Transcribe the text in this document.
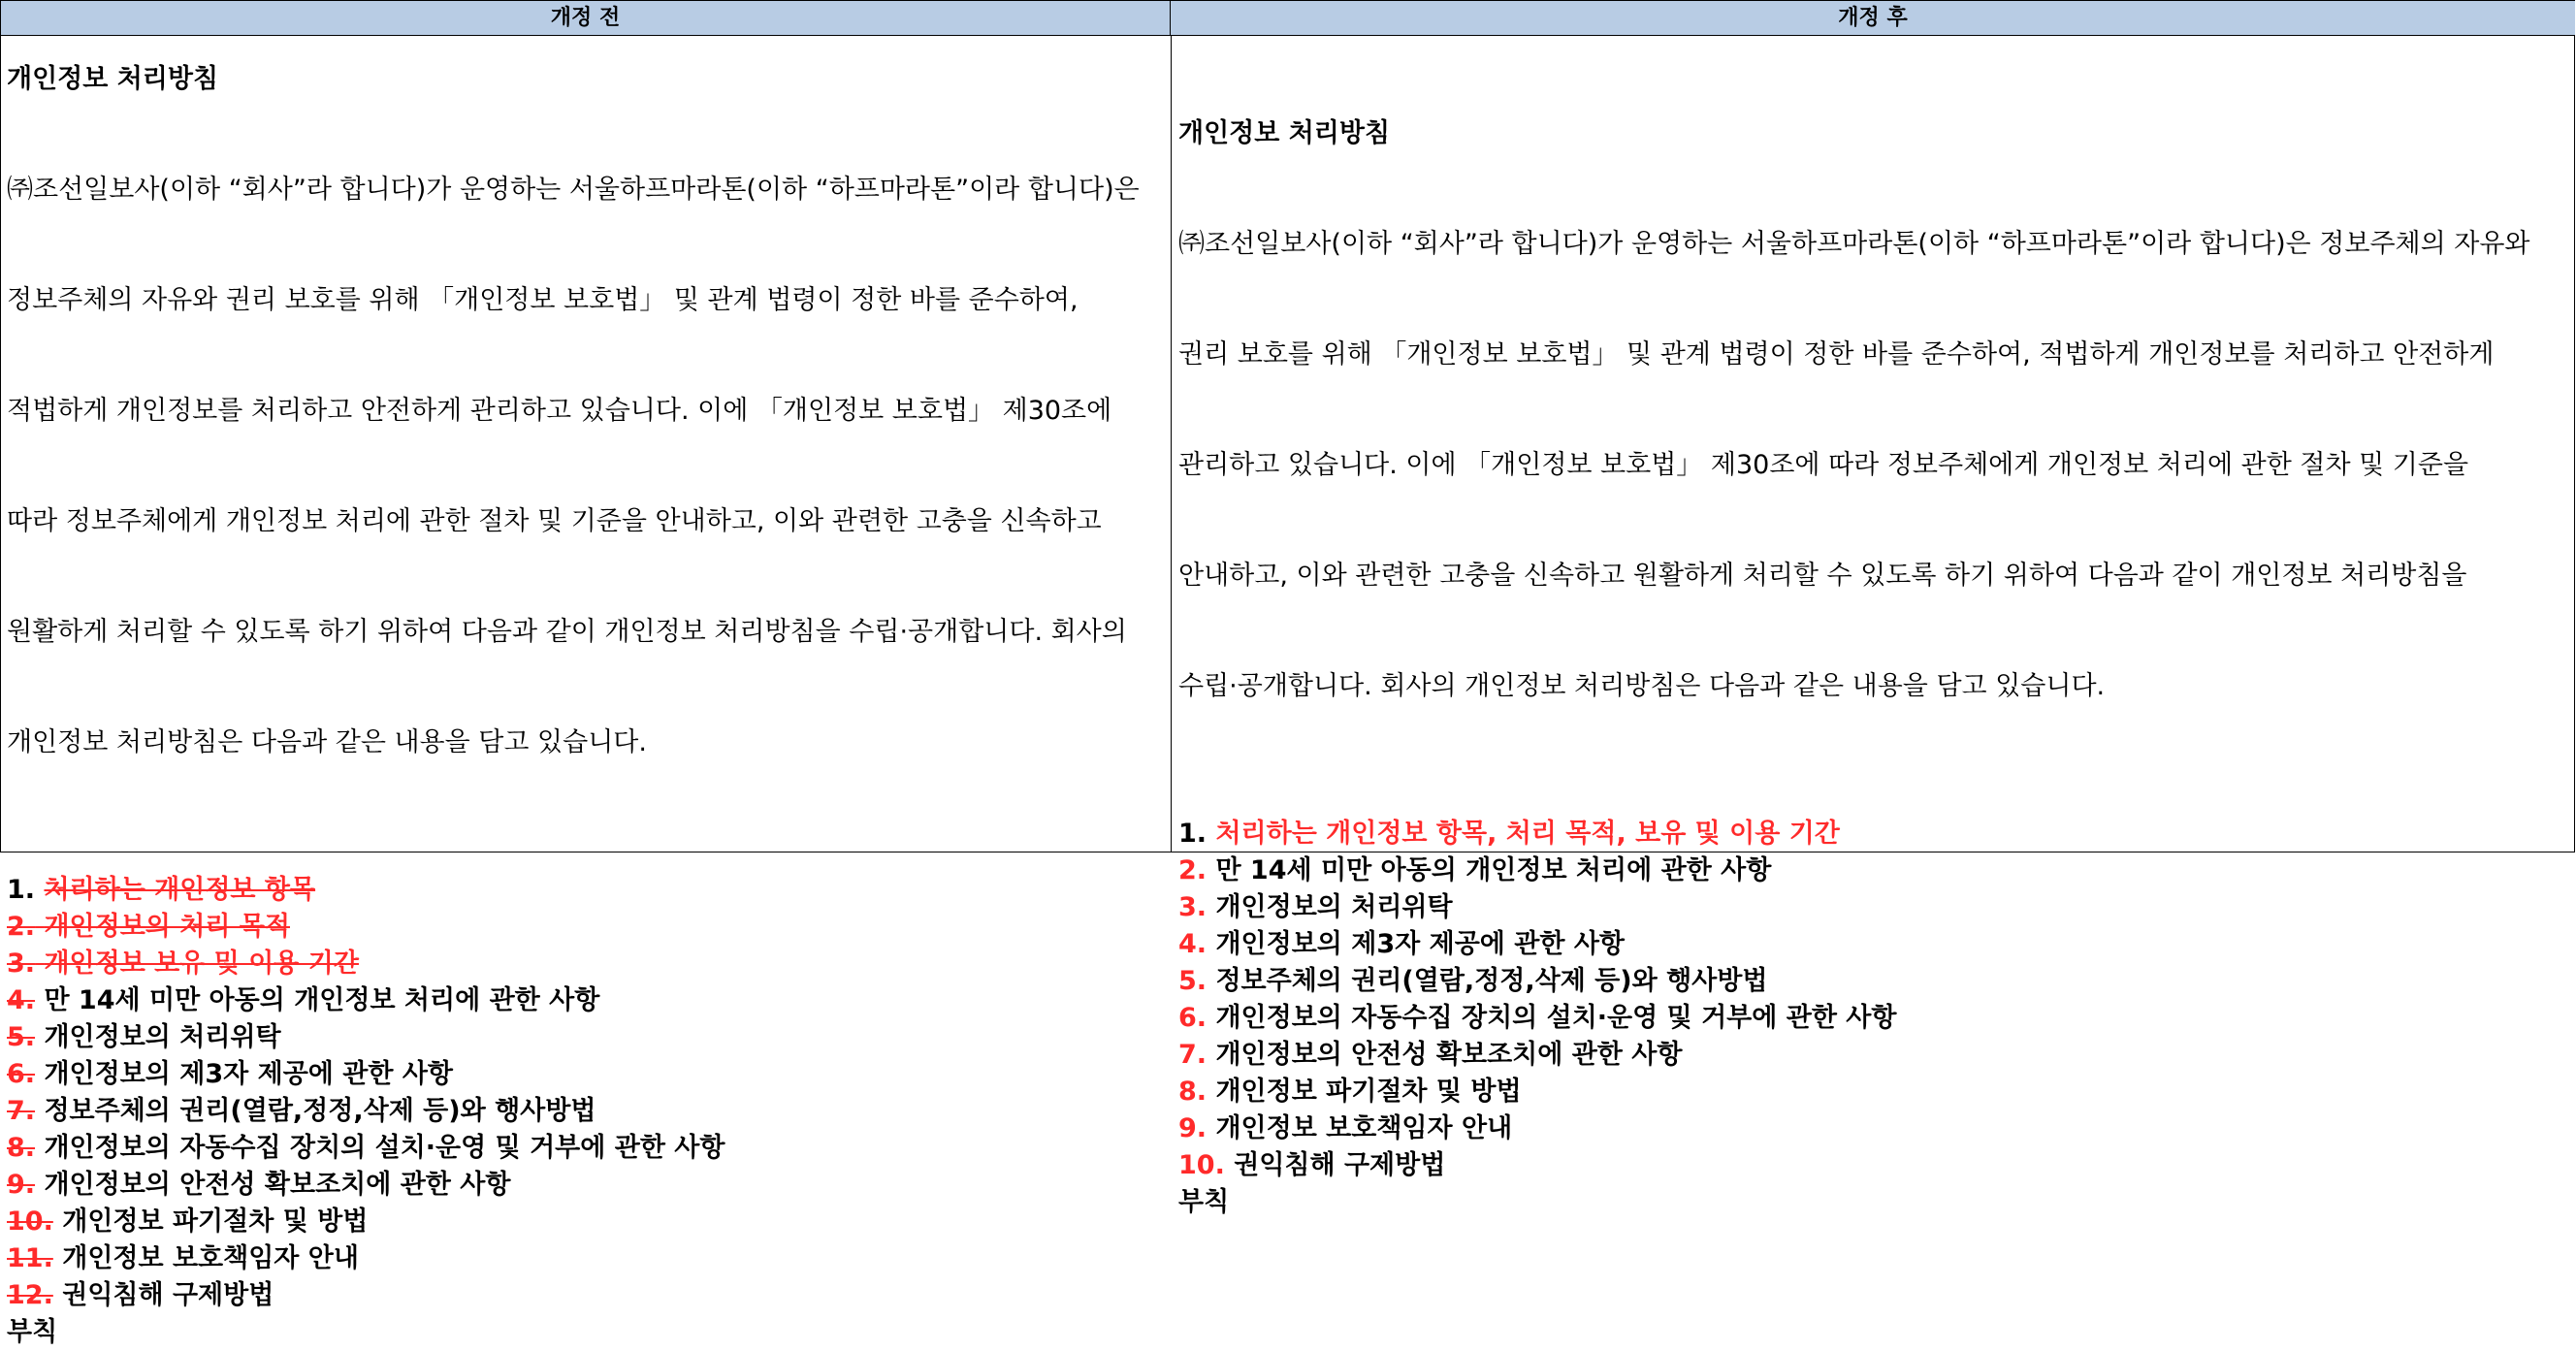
개정 전	개정 후
개인정보 처리방침

㈜조선일보사(이하 “회사”라 합니다)가 운영하는 서울하프마라톤(이하 “하프마라톤”이라 합니다)은

정보주체의 자유와 권리 보호를 위해 「개인정보 보호법」 및 관계 법령이 정한 바를 준수하여,

적법하게 개인정보를 처리하고 안전하게 관리하고 있습니다. 이에 「개인정보 보호법」 제30조에

따라 정보주체에게 개인정보 처리에 관한 절차 및 기준을 안내하고, 이와 관련한 고충을 신속하고

원활하게 처리할 수 있도록 하기 위하여 다음과 같이 개인정보 처리방침을 수립·공개합니다. 회사의

개인정보 처리방침은 다음과 같은 내용을 담고 있습니다.

1. 처리하는 개인정보 항목
2. 개인정보의 처리 목적
3. 개인정보 보유 및 이용 기간
4. 만 14세 미만 아동의 개인정보 처리에 관한 사항
5. 개인정보의 처리위탁
6. 개인정보의 제3자 제공에 관한 사항
7. 정보주체의 권리(열람,정정,삭제 등)와 행사방법
8. 개인정보의 자동수집 장치의 설치·운영 및 거부에 관한 사항
9. 개인정보의 안전성 확보조치에 관한 사항
10. 개인정보 파기절차 및 방법
11. 개인정보 보호책임자 안내
12. 권익침해 구제방법
부칙
개인정보 처리방침

㈜조선일보사(이하 “회사”라 합니다)가 운영하는 서울하프마라톤(이하 “하프마라톤”이라 합니다)은 정보주체의 자유와

권리 보호를 위해 「개인정보 보호법」 및 관계 법령이 정한 바를 준수하여, 적법하게 개인정보를 처리하고 안전하게

관리하고 있습니다. 이에 「개인정보 보호법」 제30조에 따라 정보주체에게 개인정보 처리에 관한 절차 및 기준을

안내하고, 이와 관련한 고충을 신속하고 원활하게 처리할 수 있도록 하기 위하여 다음과 같이 개인정보 처리방침을

수립·공개합니다. 회사의 개인정보 처리방침은 다음과 같은 내용을 담고 있습니다.

1. 처리하는 개인정보 항목, 처리 목적, 보유 및 이용 기간
2. 만 14세 미만 아동의 개인정보 처리에 관한 사항
3. 개인정보의 처리위탁
4. 개인정보의 제3자 제공에 관한 사항
5. 정보주체의 권리(열람,정정,삭제 등)와 행사방법
6. 개인정보의 자동수집 장치의 설치·운영 및 거부에 관한 사항
7. 개인정보의 안전성 확보조치에 관한 사항
8. 개인정보 파기절차 및 방법
9. 개인정보 보호책임자 안내
10. 권익침해 구제방법
부칙
